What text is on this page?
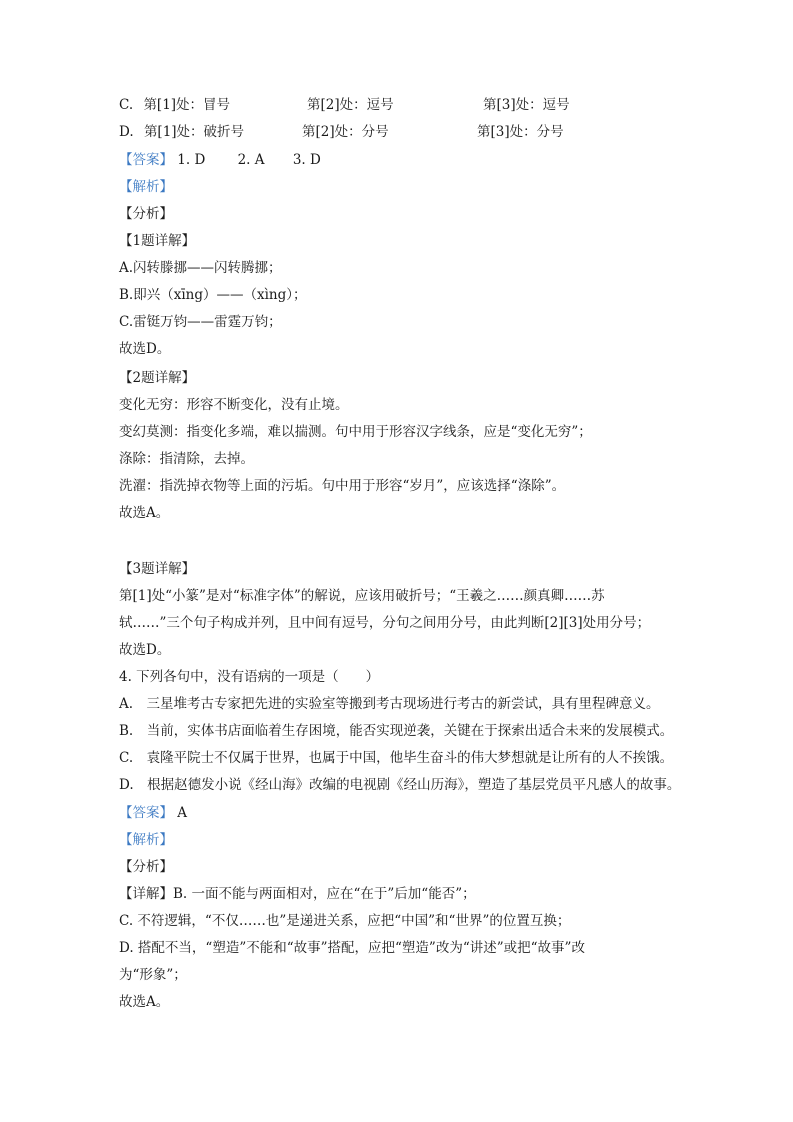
C. 第[1]处：冒号	第[2]处：逗号	第[3]处：逗号
D. 第[1]处：破折号	第[2]处：分号	第[3]处：分号
【答案】 1. D 2. A 3. D
【解析】
【分析】
【1题详解】
A.闪转滕挪——闪转腾挪；
B.即兴（xīng）——（xìng）；
C.雷铤万钧——雷霆万钧；
故选D。
【2题详解】
变化无穷：形容不断变化，没有止境。
变幻莫测：指变化多端，难以揣测。句中用于形容汉字线条，应是“变化无穷”；
涤除：指清除，去掉。
洗濯：指洗掉衣物等上面的污垢。句中用于形容“岁月”，应该选择“涤除”。
故选A。
【3题详解】
第[1]处“小篆”是对“标准字体”的解说，应该用破折号；“王羲之……颜真卿……苏
轼……”三个句子构成并列，且中间有逗号，分句之间用分号，由此判断[2][3]处用分号；
故选D。
4. 下列各句中，没有语病的一项是（　　）
A.　三星堆考古专家把先进的实验室等搬到考古现场进行考古的新尝试，具有里程碑意义。
B.　当前，实体书店面临着生存困境，能否实现逆袭，关键在于探索出适合未来的发展模式。
C.　袁隆平院士不仅属于世界，也属于中国，他毕生奋斗的伟大梦想就是让所有的人不挨饿。
D.　根据赵德发小说《经山海》改编的电视剧《经山历海》，塑造了基层党员平凡感人的故事。
【答案】 A
【解析】
【分析】
【详解】B. 一面不能与两面相对，应在“在于”后加“能否”；
C. 不符逻辑，“不仅……也”是递进关系，应把“中国”和“世界”的位置互换；
D. 搭配不当，“塑造”不能和“故事”搭配，应把“塑造”改为“讲述”或把“故事”改
为“形象”；
故选A。
